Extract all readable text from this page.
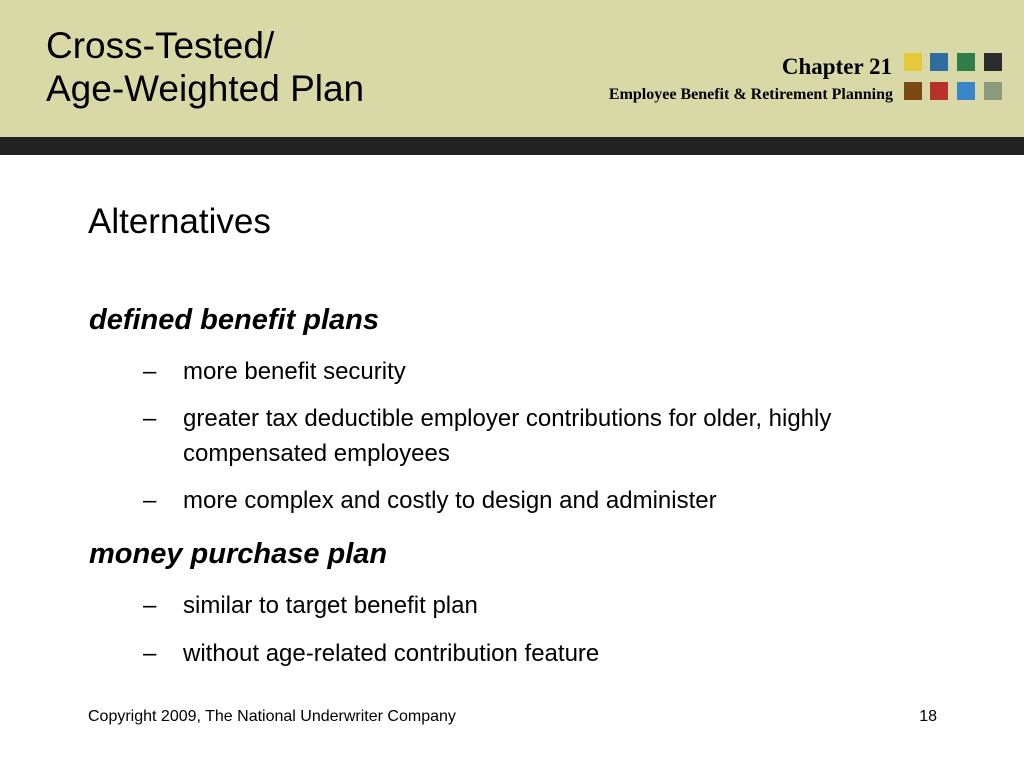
Cross-Tested/
Age-Weighted Plan
Chapter 21
Employee Benefit & Retirement Planning
Alternatives
defined benefit plans
– more benefit security
– greater tax deductible employer contributions for older, highly compensated employees
– more complex and costly to design and administer
money purchase plan
– similar to target benefit plan
– without age-related contribution feature
Copyright 2009, The National Underwriter Company	18
